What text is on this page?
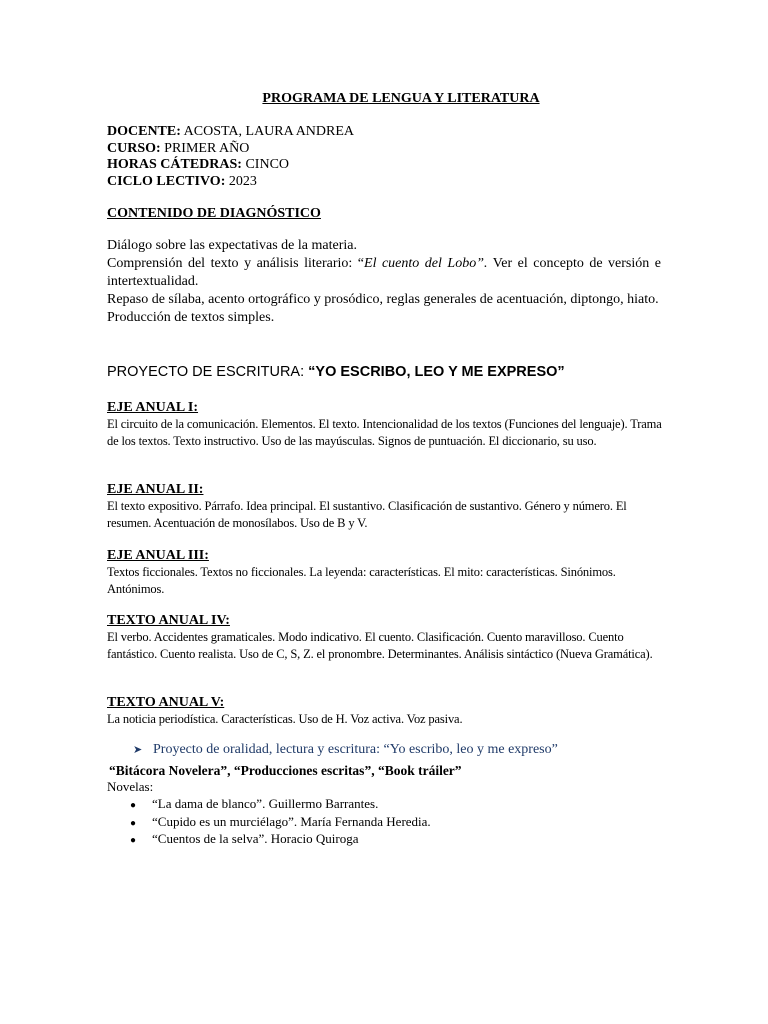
PROGRAMA DE LENGUA Y LITERATURA
DOCENTE: ACOSTA, LAURA ANDREA
CURSO: PRIMER AÑO
HORAS CÁTEDRAS: CINCO
CICLO LECTIVO: 2023
CONTENIDO DE DIAGNÓSTICO

Diálogo sobre las expectativas de la materia.

Comprensión del texto y análisis literario: “El cuento del Lobo”. Ver el concepto de versión e intertextualidad.

Repaso de sílaba, acento ortográfico y prosódico, reglas generales de acentuación, diptongo, hiato.

Producción de textos simples.

PROYECTO DE ESCRITURA: “YO ESCRIBO, LEO Y ME EXPRESO”
EJE ANUAL I:
El circuito de la comunicación. Elementos. El texto. Intencionalidad de los textos (Funciones del lenguaje). Trama de los textos. Texto instructivo. Uso de las mayúsculas. Signos de puntuación. El diccionario, su uso.
EJE ANUAL II:
El texto expositivo. Párrafo. Idea principal. El sustantivo. Clasificación de sustantivo. Género y número. El resumen. Acentuación de monosílabos. Uso de B y V.
EJE ANUAL III:
Textos ficcionales. Textos no ficcionales. La leyenda: características. El mito: características. Sinónimos. Antónimos.
TEXTO ANUAL IV:
El verbo. Accidentes gramaticales. Modo indicativo. El cuento. Clasificación. Cuento maravilloso. Cuento fantástico. Cuento realista. Uso de C, S, Z. el pronombre. Determinantes. Análisis sintáctico (Nueva Gramática).
TEXTO ANUAL V:
La noticia periodística. Características. Uso de H. Voz activa. Voz pasiva.
➤ Proyecto de oralidad, lectura y escritura: “Yo escribo, leo y me expreso”
“Bitácora Novelera”, “Producciones escritas”, “Book tráiler”
Novelas:
● “La dama de blanco”. Guillermo Barrantes.
● “Cupido es un murciélago”. María Fernanda Heredia.
● “Cuentos de la selva”. Horacio Quiroga
